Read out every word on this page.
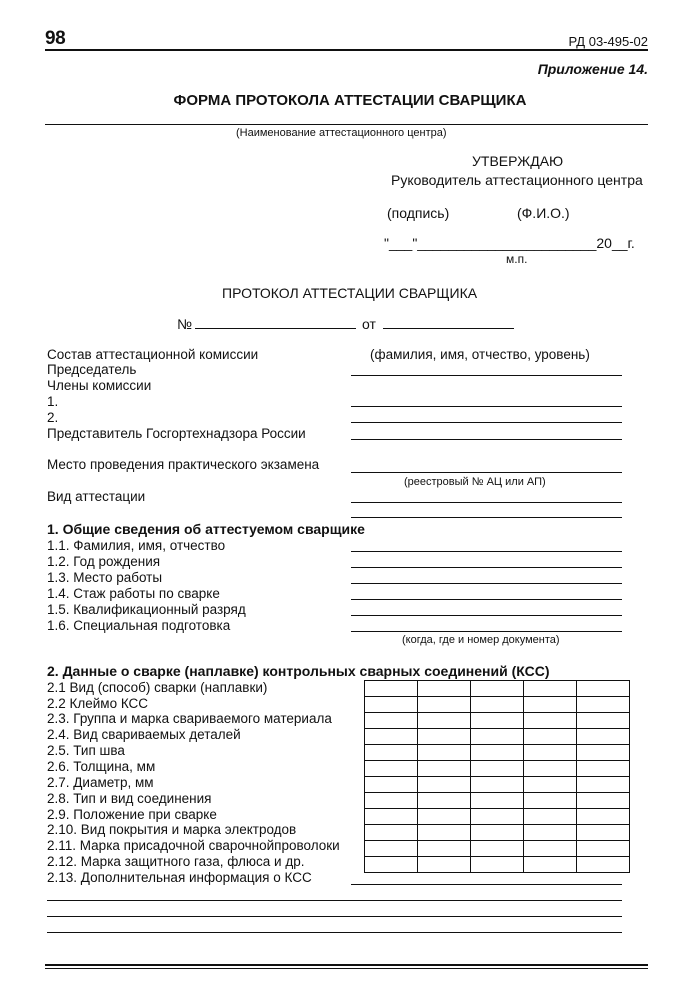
98	РД 03-495-02
Приложение 14.
ФОРМА ПРОТОКОЛА АТТЕСТАЦИИ СВАРЩИКА
(Наименование аттестационного центра)
УТВЕРЖДАЮ
Руководитель аттестационного центра
(подпись)	(Ф.И.О.)
"___"_______________________20__г.
м.п.
ПРОТОКОЛ АТТЕСТАЦИИ СВАРЩИКА
№	от
Состав аттестационной комиссии	(фамилия, имя, отчество, уровень)
Председатель
Члены комиссии
1.
2.
Представитель Госгортехнадзора России
Место проведения практического экзамена
(реестровый № АЦ или АП)
Вид аттестации
1. Общие сведения об аттестуемом сварщике
1.1. Фамилия, имя, отчество
1.2. Год рождения
1.3. Место работы
1.4. Стаж работы по сварке
1.5. Квалификационный разряд
1.6. Специальная подготовка
(когда, где и номер документа)
2. Данные о сварке (наплавке) контрольных сварных соединений (КСС)
2.1 Вид (способ) сварки (наплавки)
2.2 Клеймо КСС
2.3. Группа и марка свариваемого материала
2.4. Вид свариваемых деталей
2.5. Тип шва
2.6. Толщина, мм
2.7. Диаметр, мм
2.8. Тип и вид соединения
2.9. Положение при сварке
2.10. Вид покрытия и марка электродов
2.11. Марка присадочной сварочнойпроволоки
2.12. Марка защитного газа, флюса и др.
2.13. Дополнительная информация о КСС
